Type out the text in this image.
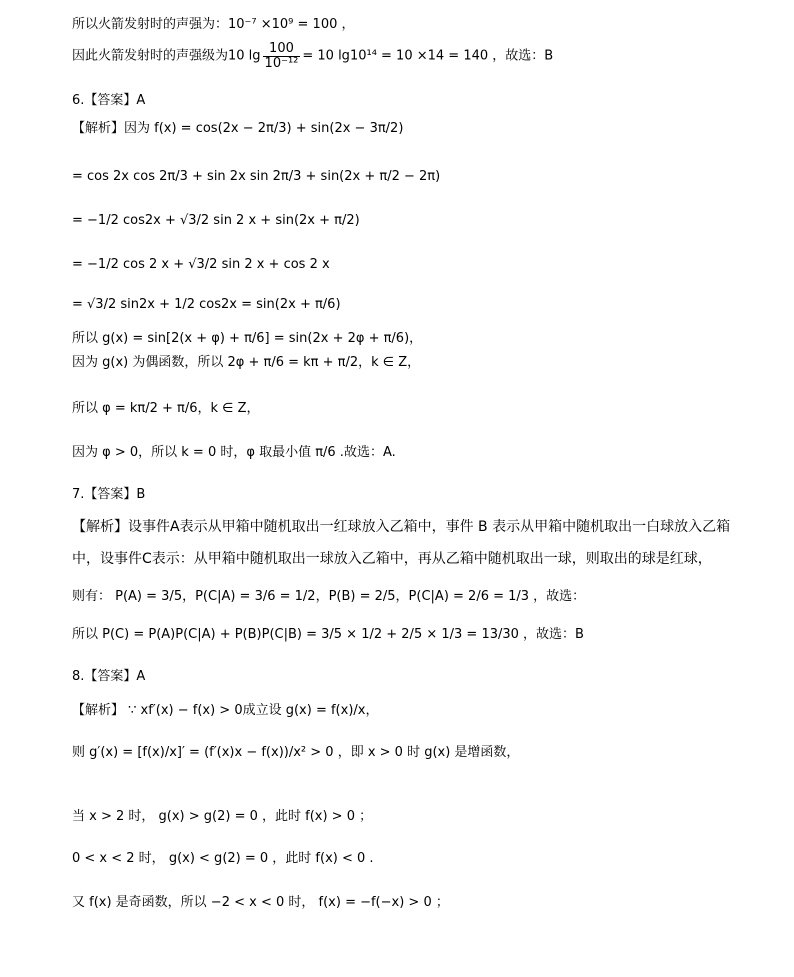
所以火箭发射时的声强为：10⁻⁷ ×10⁹ = 100 ，
因此火箭发射时的声强级为10 $\lg \frac{100}{\text{10⁻¹²}} = 10$ lg10¹⁴ = 10 ×14 = 140 ，故选：B
6.【答案】A
【解析】因为 f(x) = cos(2x − 2π/3) + sin(2x − 3π/2)
= cos 2x cos 2π/3 + sin 2x sin 2π/3 + sin(2x + π/2 − 2π)
= −1/2 cos2x + √3/2 sin 2 x + sin(2x + π/2)
= −1/2 cos 2 x + √3/2 sin 2 x + cos 2 x
= √3/2 sin2x + 1/2 cos2x = sin(2x + π/6)
所以 g(x) = sin[2(x + φ) + π/6] = sin(2x + 2φ + π/6)，
因为 g(x) 为偶函数，所以 2φ + π/6 = kπ + π/2，k ∈ Z，
所以 φ = kπ/2 + π/6，k ∈ Z，
因为 φ > 0，所以 k = 0 时，φ 取最小值 π/6 .故选：A.
7.【答案】B
【解析】设事件A表示从甲箱中随机取出一红球放入乙箱中，事件 B 表示从甲箱中随机取出一白球放入乙箱
中，设事件C表示：从甲箱中随机取出一球放入乙箱中，再从乙箱中随机取出一球，则取出的球是红球，
则有： P(A) = 3/5，P(C|A) = 3/6 = 1/2，P(B) = 2/5，P(C|A) = 2/6 = 1/3 ，故选：
所以 P(C) = P(A)P(C|A) + P(B)P(C|B) = 3/5 × 1/2 + 2/5 × 1/3 = 13/30 ，故选：B
8.【答案】A
【解析】 ∵ xf′(x) − f(x) > 0成立设 g(x) = f(x)/x，
则 g′(x) = [f(x)/x]′ = (f′(x)x − f(x))/x² > 0 ，即 x > 0 时 g(x) 是增函数，
当 x > 2 时， g(x) > g(2) = 0 ，此时 f(x) > 0 ；
0 < x < 2 时， g(x) < g(2) = 0 ，此时 f(x) < 0 .
又 f(x) 是奇函数，所以 −2 < x < 0 时， f(x) = −f(−x) > 0 ；
